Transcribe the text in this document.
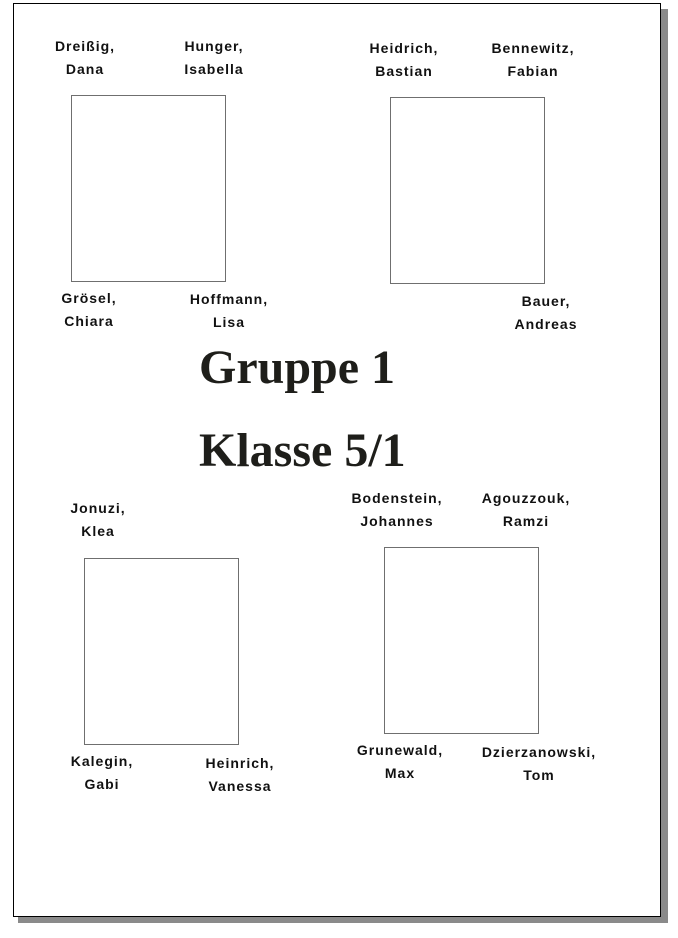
Dreißig,
Dana
Hunger,
Isabella
Grösel,
Chiara
Hoffmann,
Lisa
Heidrich,
Bastian
Bennewitz,
Fabian
Bauer,
Andreas
Gruppe 1
Klasse 5/1
Jonuzi,
Klea
Kalegin,
Gabi
Heinrich,
Vanessa
Bodenstein,
Johannes
Agouzzouk,
Ramzi
Grunewald,
Max
Dzierzanowski,
Tom
